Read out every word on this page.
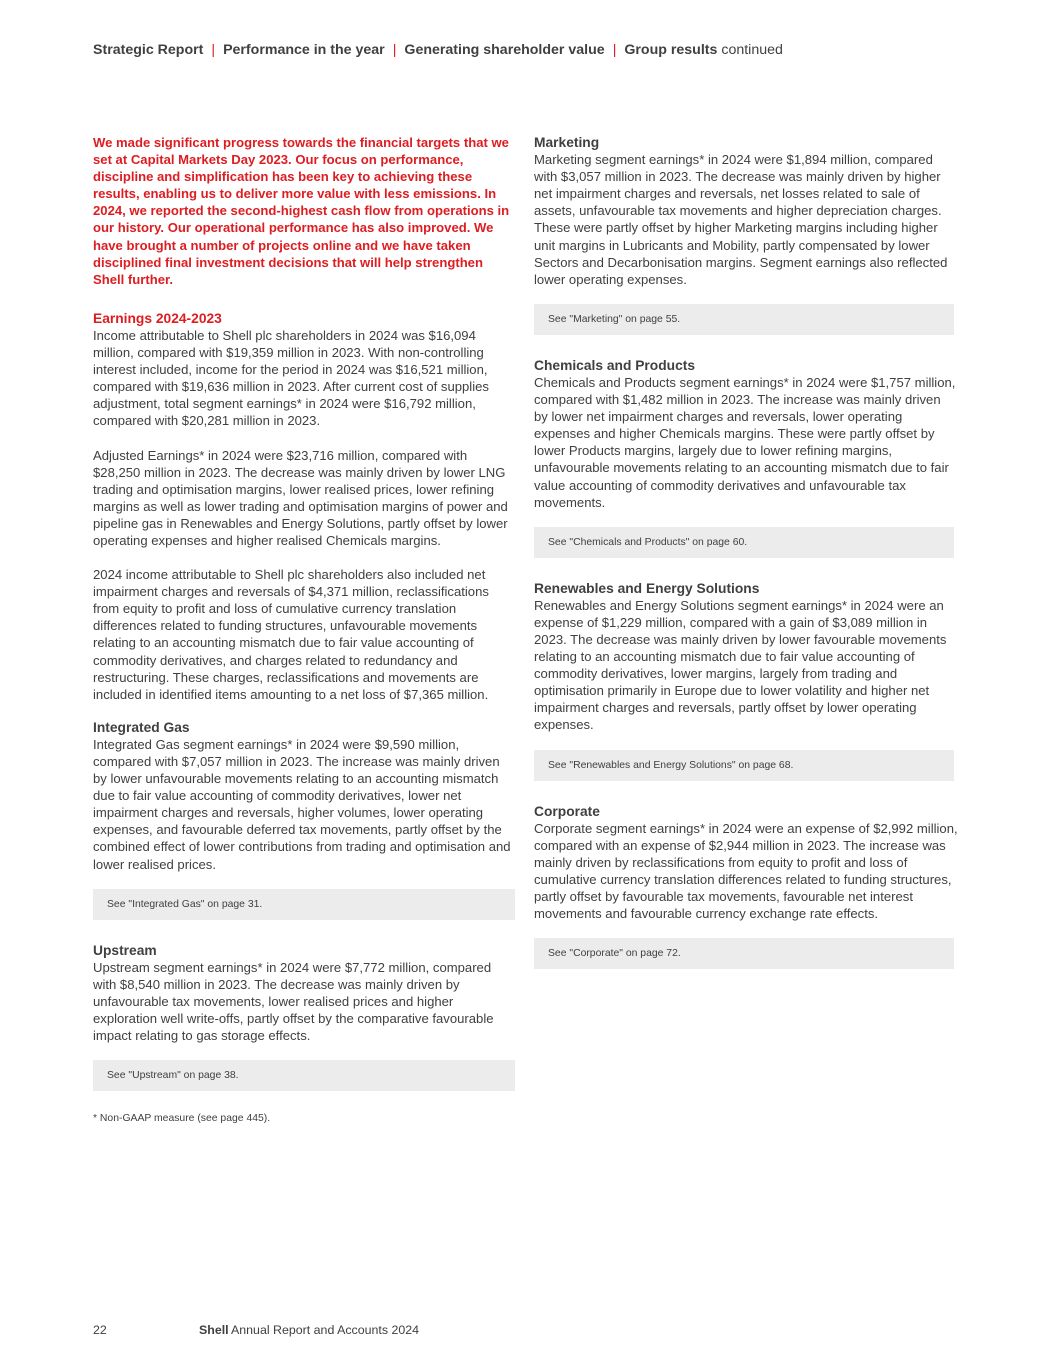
Strategic Report | Performance in the year | Generating shareholder value | Group results continued

We made significant progress towards the financial targets that we set at Capital Markets Day 2023. Our focus on performance, discipline and simplification has been key to achieving these results, enabling us to deliver more value with less emissions. In 2024, we reported the second-highest cash flow from operations in our history. Our operational performance has also improved. We have brought a number of projects online and we have taken disciplined final investment decisions that will help strengthen Shell further.

Earnings 2024-2023

Income attributable to Shell plc shareholders in 2024 was $16,094 million, compared with $19,359 million in 2023. With non-controlling interest included, income for the period in 2024 was $16,521 million, compared with $19,636 million in 2023. After current cost of supplies adjustment, total segment earnings* in 2024 were $16,792 million, compared with $20,281 million in 2023.

Adjusted Earnings* in 2024 were $23,716 million, compared with $28,250 million in 2023. The decrease was mainly driven by lower LNG trading and optimisation margins, lower realised prices, lower refining margins as well as lower trading and optimisation margins of power and pipeline gas in Renewables and Energy Solutions, partly offset by lower operating expenses and higher realised Chemicals margins.

2024 income attributable to Shell plc shareholders also included net impairment charges and reversals of $4,371 million, reclassifications from equity to profit and loss of cumulative currency translation differences related to funding structures, unfavourable movements relating to an accounting mismatch due to fair value accounting of commodity derivatives, and charges related to redundancy and restructuring. These charges, reclassifications and movements are included in identified items amounting to a net loss of $7,365 million.

Integrated Gas

Integrated Gas segment earnings* in 2024 were $9,590 million, compared with $7,057 million in 2023. The increase was mainly driven by lower unfavourable movements relating to an accounting mismatch due to fair value accounting of commodity derivatives, lower net impairment charges and reversals, higher volumes, lower operating expenses, and favourable deferred tax movements, partly offset by the combined effect of lower contributions from trading and optimisation and lower realised prices.

See "Integrated Gas" on page 31.
Upstream

Upstream segment earnings* in 2024 were $7,772 million, compared with $8,540 million in 2023. The decrease was mainly driven by unfavourable tax movements, lower realised prices and higher exploration well write-offs, partly offset by the comparative favourable impact relating to gas storage effects.

See "Upstream" on page 38.

* Non-GAAP measure (see page 445).

Marketing

Marketing segment earnings* in 2024 were $1,894 million, compared with $3,057 million in 2023. The decrease was mainly driven by higher net impairment charges and reversals, net losses related to sale of assets, unfavourable tax movements and higher depreciation charges. These were partly offset by higher Marketing margins including higher unit margins in Lubricants and Mobility, partly compensated by lower Sectors and Decarbonisation margins. Segment earnings also reflected lower operating expenses.

See "Marketing" on page 55.
Chemicals and Products

Chemicals and Products segment earnings* in 2024 were $1,757 million, compared with $1,482 million in 2023. The increase was mainly driven by lower net impairment charges and reversals, lower operating expenses and higher Chemicals margins. These were partly offset by lower Products margins, largely due to lower refining margins, unfavourable movements relating to an accounting mismatch due to fair value accounting of commodity derivatives and unfavourable tax movements.

See "Chemicals and Products" on page 60.
Renewables and Energy Solutions

Renewables and Energy Solutions segment earnings* in 2024 were an expense of $1,229 million, compared with a gain of $3,089 million in 2023. The decrease was mainly driven by lower favourable movements relating to an accounting mismatch due to fair value accounting of commodity derivatives, lower margins, largely from trading and optimisation primarily in Europe due to lower volatility and higher net impairment charges and reversals, partly offset by lower operating expenses.

See "Renewables and Energy Solutions" on page 68.
Corporate

Corporate segment earnings* in 2024 were an expense of $2,992 million, compared with an expense of $2,944 million in 2023. The increase was mainly driven by reclassifications from equity to profit and loss of cumulative currency translation differences related to funding structures, partly offset by favourable tax movements, favourable net interest movements and favourable currency exchange rate effects.

See "Corporate" on page 72.
22	Shell Annual Report and Accounts 2024
